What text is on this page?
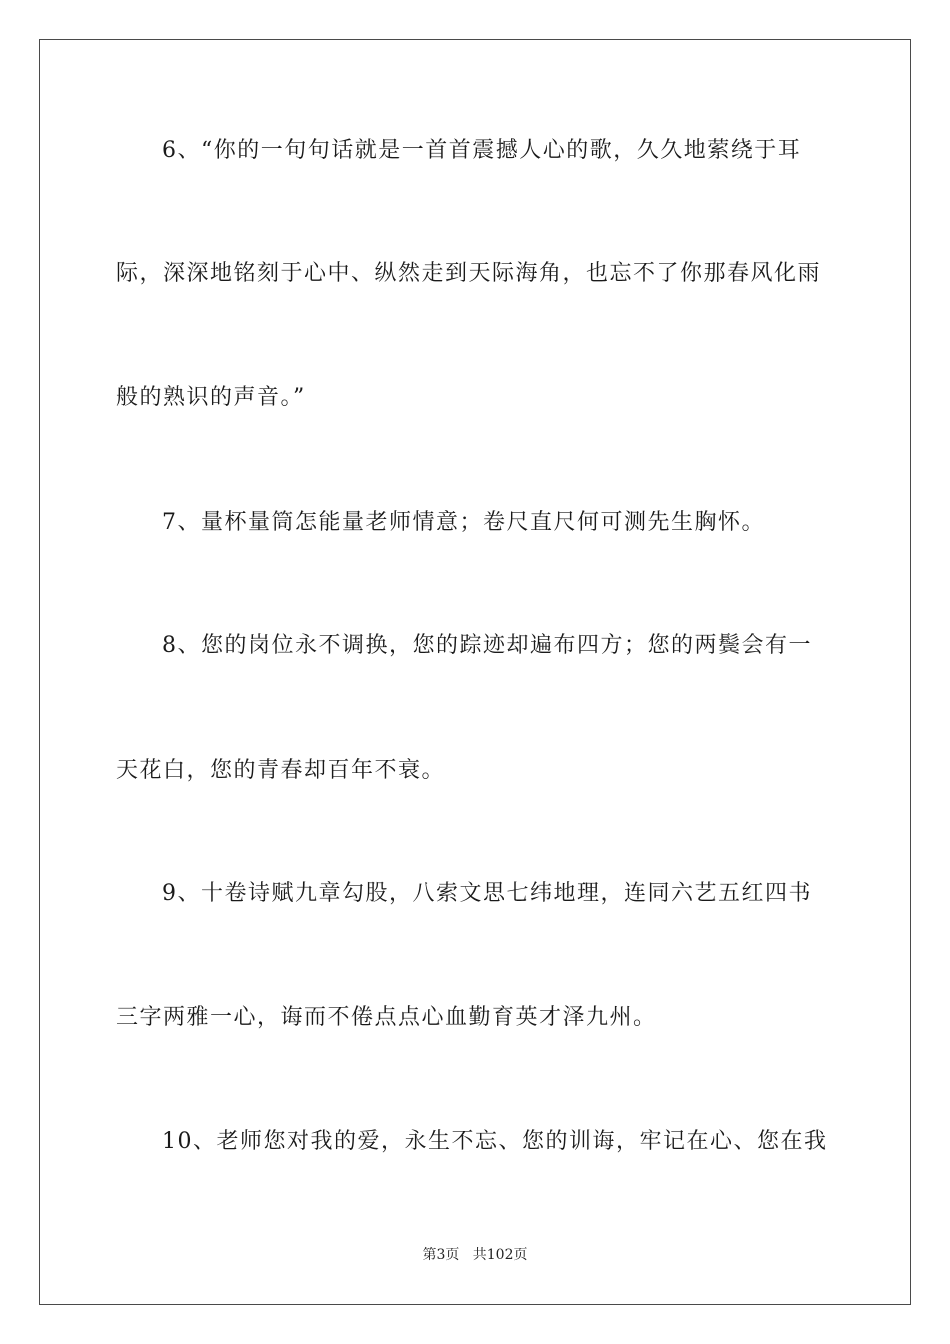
6、“你的一句句话就是一首首震撼人心的歌，久久地萦绕于耳
际，深深地铭刻于心中、纵然走到天际海角，也忘不了你那春风化雨
般的熟识的声音。”
7、量杯量筒怎能量老师情意；卷尺直尺何可测先生胸怀。
8、您的岗位永不调换，您的踪迹却遍布四方；您的两鬓会有一
天花白，您的青春却百年不衰。
9、十卷诗赋九章勾股，八索文思七纬地理，连同六艺五红四书
三字两雅一心，诲而不倦点点心血勤育英才泽九州。
10、老师您对我的爱，永生不忘、您的训诲，牢记在心、您在我
第3页 共102页
